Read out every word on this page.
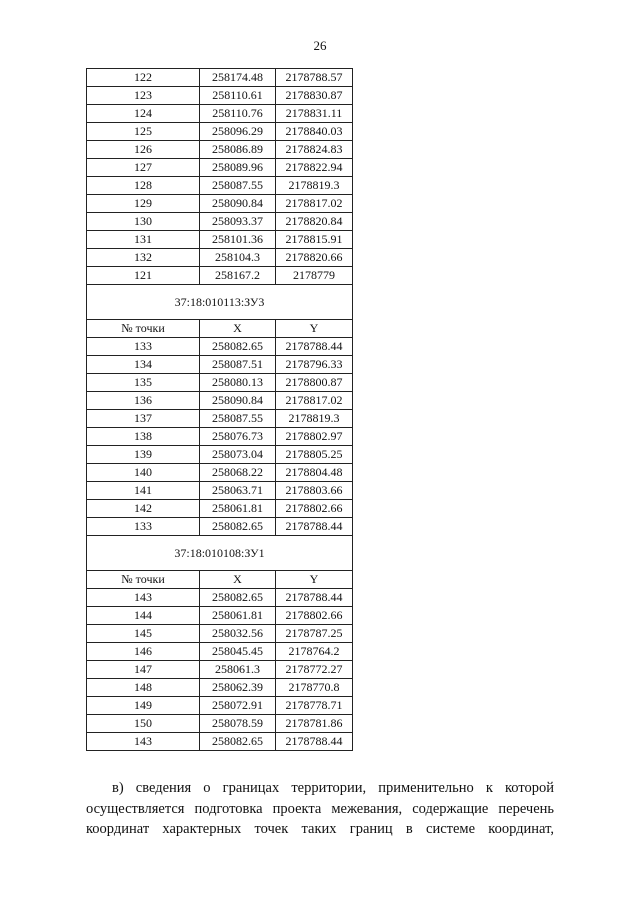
26
122	258174.48	2178788.57
123	258110.61	2178830.87
124	258110.76	2178831.11
125	258096.29	2178840.03
126	258086.89	2178824.83
127	258089.96	2178822.94
128	258087.55	2178819.3
129	258090.84	2178817.02
130	258093.37	2178820.84
131	258101.36	2178815.91
132	258104.3	2178820.66
121	258167.2	2178779
37:18:010113:ЗУ3		
№ точки	X	Y
133	258082.65	2178788.44
134	258087.51	2178796.33
135	258080.13	2178800.87
136	258090.84	2178817.02
137	258087.55	2178819.3
138	258076.73	2178802.97
139	258073.04	2178805.25
140	258068.22	2178804.48
141	258063.71	2178803.66
142	258061.81	2178802.66
133	258082.65	2178788.44
37:18:010108:ЗУ1		
№ точки	X	Y
143	258082.65	2178788.44
144	258061.81	2178802.66
145	258032.56	2178787.25
146	258045.45	2178764.2
147	258061.3	2178772.27
148	258062.39	2178770.8
149	258072.91	2178778.71
150	258078.59	2178781.86
143	258082.65	2178788.44
в) сведения о границах территории, применительно к которой
осуществляется подготовка проекта межевания, содержащие перечень
координат характерных точек таких границ в системе координат,
